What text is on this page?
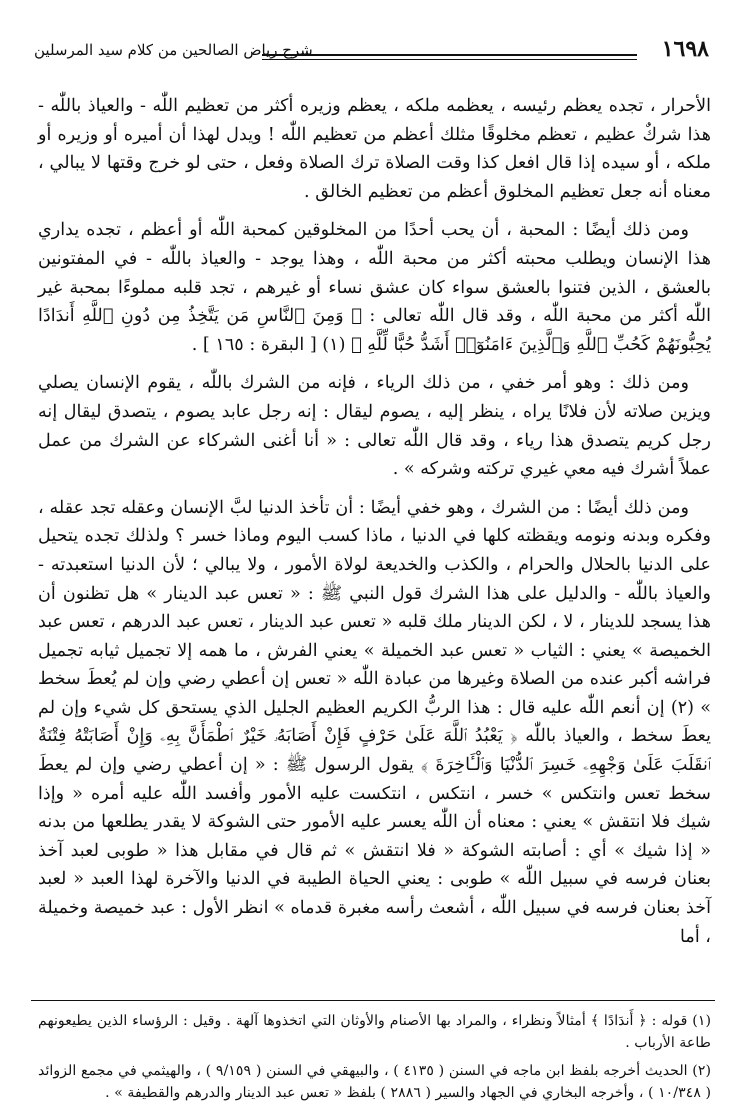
١٦٩٨
شرح رياض الصالحين من كلام سيد المرسلين

الأحرار ، تجده يعظم رئيسه ، يعظمه ملكه ، يعظم وزيره أكثر من تعظيم اللّٰه - والعياذ باللّٰه - هذا شركٌ عظيم ، تعظم مخلوقًا مثلك أعظم من تعظيم اللّٰه ! ويدل لهذا أن أميره أو وزيره أو ملكه ، أو سيده إذا قال افعل كذا وقت الصلاة ترك الصلاة وفعل ، حتى لو خرج وقتها لا يبالي ، معناه أنه جعل تعظيم المخلوق أعظم من تعظيم الخالق .

ومن ذلك أيضًا : المحبة ، أن يحب أحدًا من المخلوقين كمحبة اللّٰه أو أعظم ، تجده يداري هذا الإنسان ويطلب محبته أكثر من محبة اللّٰه ، وهذا يوجد - والعياذ باللّٰه - في المفتونين بالعشق ، الذين فتنوا بالعشق سواء كان عشق نساء أو غيرهم ، تجد قلبه مملوءًا بمحبة غير اللّٰه أكثر من محبة اللّٰه ، وقد قال اللّٰه تعالى : ﴿ وَمِنَ ٱلنَّاسِ مَن يَتَّخِذُ مِن دُونِ ٱللَّهِ أَندَادًا يُحِبُّونَهُمْ كَحُبِّ ٱللَّهِ وَٱلَّذِينَ ءَامَنُوٓا۟ أَشَدُّ حُبًّا لِّلَّهِ ﴾ (١) [ البقرة : ١٦٥ ] .

ومن ذلك : وهو أمر خفي ، من ذلك الرياء ، فإنه من الشرك باللّٰه ، يقوم الإنسان يصلي ويزين صلاته لأن فلانًا يراه ، ينظر إليه ، يصوم ليقال : إنه رجل عابد يصوم ، يتصدق ليقال إنه رجل كريم يتصدق هذا رياء ، وقد قال اللّٰه تعالى : « أنا أغنى الشركاء عن الشرك من عمل عملاً أشرك فيه معي غيري تركته وشركه » .

ومن ذلك أيضًا : من الشرك ، وهو خفي أيضًا : أن تأخذ الدنيا لبَّ الإنسان وعقله تجد عقله ، وفكره وبدنه ونومه ويقظته كلها في الدنيا ، ماذا كسب اليوم وماذا خسر ؟ ولذلك تجده يتحيل على الدنيا بالحلال والحرام ، والكذب والخديعة لولاة الأمور ، ولا يبالي ؛ لأن الدنيا استعبدته - والعياذ باللّٰه - والدليل على هذا الشرك قول النبي ﷺ : « تعس عبد الدينار » هل تظنون أن هذا يسجد للدينار ، لا ، لكن الدينار ملك قلبه « تعس عبد الدينار ، تعس عبد الدرهم ، تعس عبد الخميصة » يعني : الثياب « تعس عبد الخميلة » يعني الفرش ، ما همه إلا تجميل ثيابه تجميل فراشه أكبر عنده من الصلاة وغيرها من عبادة اللّٰه « تعس إن أعطي رضي وإن لم يُعطَ سخط » (٢) إن أنعم اللّٰه عليه قال : هذا الربُّ الكريم العظيم الجليل الذي يستحق كل شيء وإن لم يعطَ سخط ، والعياذ باللّٰه ﴿ يَعْبُدُ ٱللَّهَ عَلَىٰ حَرْفٍ فَإِنْ أَصَابَهُۥ خَيْرٌ ٱطْمَأَنَّ بِهِۦ وَإِنْ أَصَابَتْهُ فِتْنَةٌ ٱنقَلَبَ عَلَىٰ وَجْهِهِۦ خَسِرَ ٱلدُّنْيَا وَٱلْـَٔاخِرَةَ ﴾ يقول الرسول ﷺ : « إن أعطي رضي وإن لم يعطَ سخط تعس وانتكس » خسر ، انتكس ، انتكست عليه الأمور وأفسد اللّٰه عليه أمره « وإذا شيك فلا انتقش » يعني : معناه أن اللّٰه يعسر عليه الأمور حتى الشوكة لا يقدر يطلعها من بدنه « إذا شيك » أي : أصابته الشوكة « فلا انتقش » ثم قال في مقابل هذا « طوبى لعبد آخذ بعنان فرسه في سبيل اللّٰه » طوبى : يعني الحياة الطيبة في الدنيا والآخرة لهذا العبد « لعبد آخذ بعنان فرسه في سبيل اللّٰه ، أشعث رأسه مغبرة قدماه » انظر الأول : عبد خميصة وخميلة ، أما

(١) قوله : ﴿ أَندَادًا ﴾ أمثالاً ونظراء ، والمراد بها الأصنام والأوثان التي اتخذوها آلهة . وقيل : الرؤساء الذين يطيعونهم طاعة الأرباب .

(٢) الحديث أخرجه بلفظ ابن ماجه في السنن ( ٤١٣٥ ) ، والبيهقي في السنن ( ٩/١٥٩ ) ، والهيثمي في مجمع الزوائد ( ١٠/٣٤٨ ) ، وأخرجه البخاري في الجهاد والسير ( ٢٨٨٦ ) بلفظ « تعس عبد الدينار والدرهم والقطيفة » .
